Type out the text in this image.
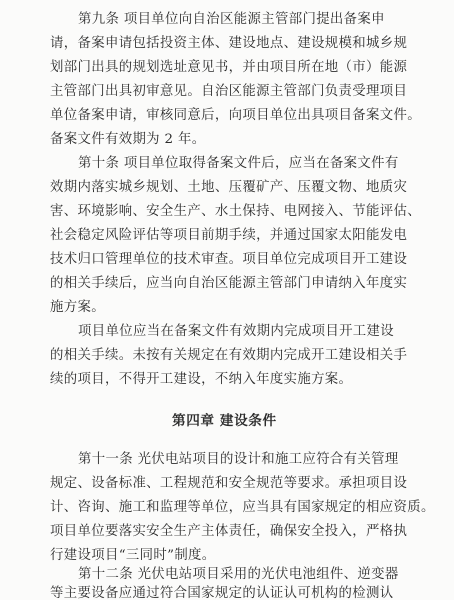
第九条 项目单位向自治区能源主管部门提出备案申
请，备案申请包括投资主体、建设地点、建设规模和城乡规
划部门出具的规划选址意见书，并由项目所在地（市）能源
主管部门出具初审意见。自治区能源主管部门负责受理项目
单位备案申请，审核同意后，向项目单位出具项目备案文件。
备案文件有效期为 2 年。
第十条 项目单位取得备案文件后，应当在备案文件有
效期内落实城乡规划、土地、压覆矿产、压覆文物、地质灾
害、环境影响、安全生产、水土保持、电网接入、节能评估、
社会稳定风险评估等项目前期手续，并通过国家太阳能发电
技术归口管理单位的技术审查。项目单位完成项目开工建设
的相关手续后，应当向自治区能源主管部门申请纳入年度实
施方案。
项目单位应当在备案文件有效期内完成项目开工建设
的相关手续。未按有关规定在有效期内完成开工建设相关手
续的项目，不得开工建设，不纳入年度实施方案。
第四章 建设条件
第十一条 光伏电站项目的设计和施工应符合有关管理
规定、设备标准、工程规范和安全规范等要求。承担项目设
计、咨询、施工和监理等单位，应当具有国家规定的相应资质。
项目单位要落实安全生产主体责任，确保安全投入，严格执
行建设项目“三同时”制度。
第十二条 光伏电站项目采用的光伏电池组件、逆变器
等主要设备应通过符合国家规定的认证认可机构的检测认
